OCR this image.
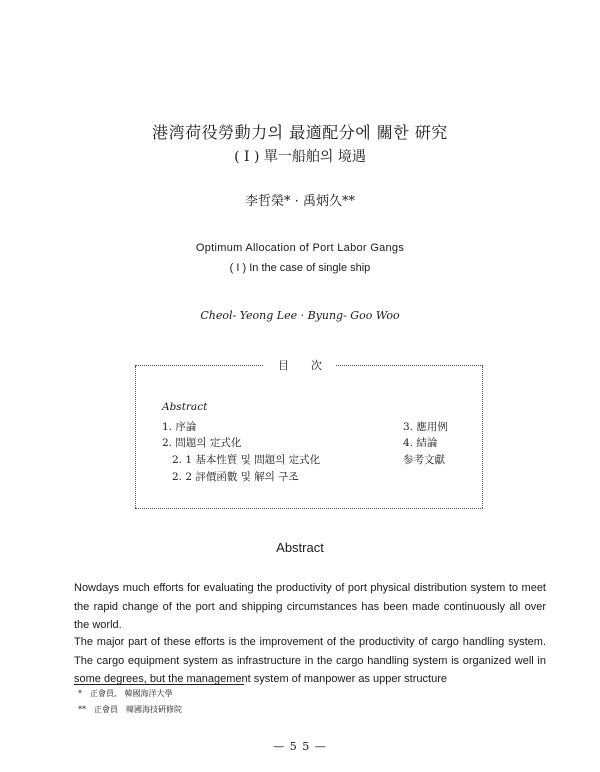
港湾荷役勞動力의 最適配分에 關한 硏究
( I ) 單一船舶의 境遇
李哲榮* · 禹炳久**
Optimum Allocation of Port Labor Gangs
( I ) In the case of single ship
Cheol- Yeong Lee · Byung- Goo Woo
目　　次
Abstract
1. 序論
2. 問題의 定式化
2. 1 基本性質 및 問題의 定式化
2. 2 評價函數 및 解의 구조
3. 應用例
4. 結論
参考文獻
Abstract
Nowdays much efforts for evaluating the productivity of port physical distribution system to meet the rapid change of the port and shipping circumstances has been made continuously all over the world.
The major part of these efforts is the improvement of the productivity of cargo handling system. The cargo equipment system as infrastructure in the cargo handling system is organized well in some degrees, but the management system of manpower as upper structure
*　正會員,　韓國海洋大學
**　正會員　韓國海技硏修院
— 5 5 —
